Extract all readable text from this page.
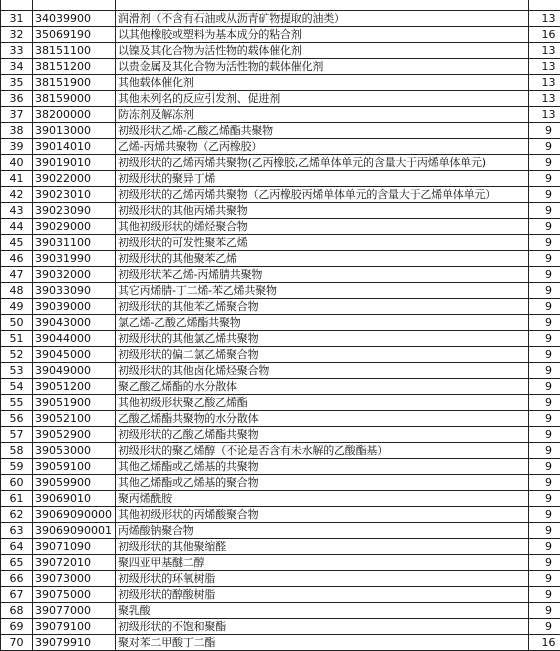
31	34039900	润滑剂（不含有石油或从沥青矿物提取的油类）	13
32	35069190	以其他橡胶或塑料为基本成分的粘合剂	16
33	38151100	以镍及其化合物为活性物的载体催化剂	13
34	38151200	以贵金属及其化合物为活性物的载体催化剂	13
35	38151900	其他载体催化剂	13
36	38159000	其他未列名的反应引发剂、促进剂	13
37	38200000	防冻剂及解冻剂	13
38	39013000	初级形状乙烯-乙酸乙烯酯共聚物	9
39	39014010	乙烯-丙烯共聚物（乙丙橡胶）	9
40	39019010	初级形状的乙烯丙烯共聚物(乙丙橡胶,乙烯单体单元的含量大于丙烯单体单元)	9
41	39022000	初级形状的聚异丁烯	9
42	39023010	初级形状的乙烯丙烯共聚物（乙丙橡胶丙烯单体单元的含量大于乙烯单体单元）	9
43	39023090	初级形状的其他丙烯共聚物	9
44	39029000	其他初级形状的烯烃聚合物	9
45	39031100	初级形状的可发性聚苯乙烯	9
46	39031990	初级形状的其他聚苯乙烯	9
47	39032000	初级形状苯乙烯-丙烯腈共聚物	9
48	39033090	其它丙烯腈-丁二烯-苯乙烯共聚物	9
49	39039000	初级形状的其他苯乙烯聚合物	9
50	39043000	氯乙烯-乙酸乙烯酯共聚物	9
51	39044000	初级形状的其他氯乙烯共聚物	9
52	39045000	初级形状的偏二氯乙烯聚合物	9
53	39049000	初级形状的其他卤化烯烃聚合物	9
54	39051200	聚乙酸乙烯酯的水分散体	9
55	39051900	其他初级形状聚乙酸乙烯酯	9
56	39052100	乙酸乙烯酯共聚物的水分散体	9
57	39052900	初级形状的乙酸乙烯酯共聚物	9
58	39053000	初级形状的聚乙烯醇（不论是否含有未水解的乙酸酯基）	9
59	39059100	其他乙烯酯或乙烯基的共聚物	9
60	39059900	其他乙烯酯或乙烯基的聚合物	9
61	39069010	聚丙烯酰胺	9
62	39069090000	其他初级形状的丙烯酸聚合物	9
63	39069090001	丙烯酸钠聚合物	9
64	39071090	初级形状的其他聚缩醛	9
65	39072010	聚四亚甲基醚二醇	9
66	39073000	初级形状的环氧树脂	9
67	39075000	初级形状的醇酸树脂	9
68	39077000	聚乳酸	9
69	39079100	初级形状的不饱和聚酯	9
70	39079910	聚对苯二甲酸丁二酯	16
